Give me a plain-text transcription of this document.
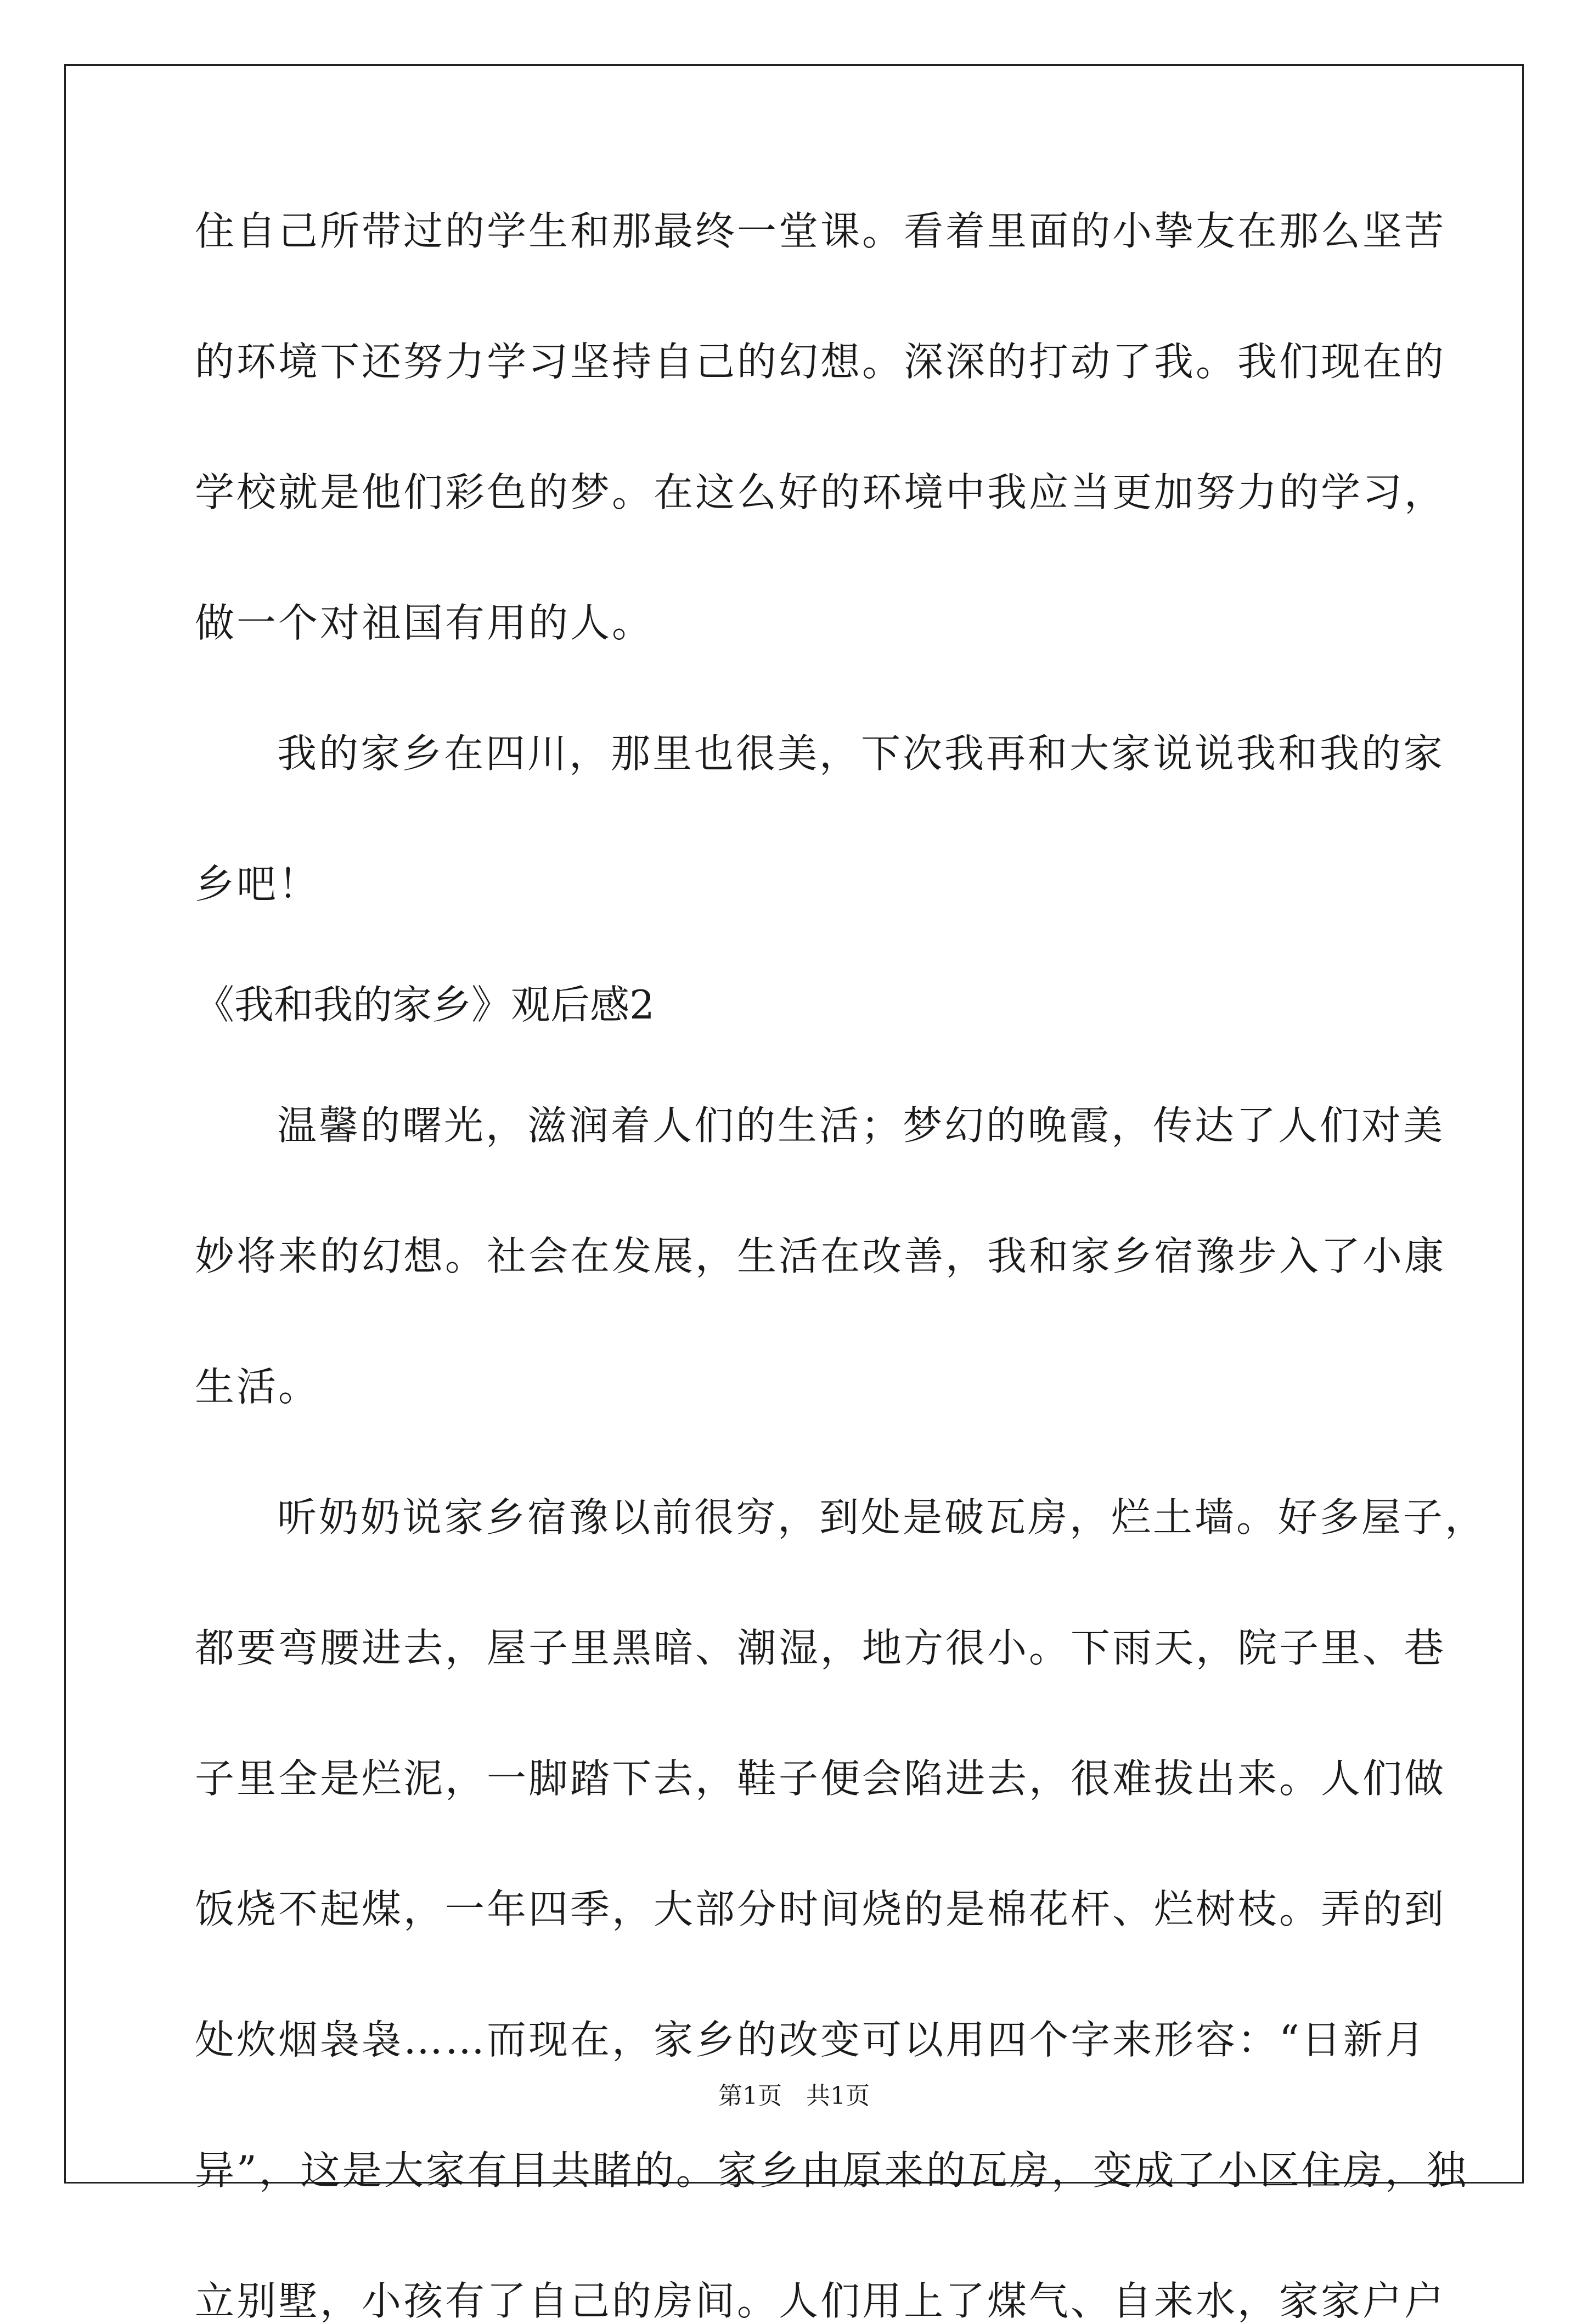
住自己所带过的学生和那最终一堂课。看着里面的小挚友在那么坚苦
的环境下还努力学习坚持自己的幻想。深深的打动了我。我们现在的
学校就是他们彩色的梦。在这么好的环境中我应当更加努力的学习，
做一个对祖国有用的人。
我的家乡在四川，那里也很美，下次我再和大家说说我和我的家
乡吧！
《我和我的家乡》观后感2
温馨的曙光，滋润着人们的生活；梦幻的晚霞，传达了人们对美
妙将来的幻想。社会在发展，生活在改善，我和家乡宿豫步入了小康
生活。
听奶奶说家乡宿豫以前很穷，到处是破瓦房，烂土墙。好多屋子，
都要弯腰进去，屋子里黑暗、潮湿，地方很小。下雨天，院子里、巷
子里全是烂泥，一脚踏下去，鞋子便会陷进去，很难拔出来。人们做
饭烧不起煤，一年四季，大部分时间烧的是棉花杆、烂树枝。弄的到
处炊烟袅袅……而现在，家乡的改变可以用四个字来形容：“日新月
异”，这是大家有目共睹的。家乡由原来的瓦房，变成了小区住房，独
立别墅，小孩有了自己的房间。人们用上了煤气、自来水，家家户户
第1页　共1页
